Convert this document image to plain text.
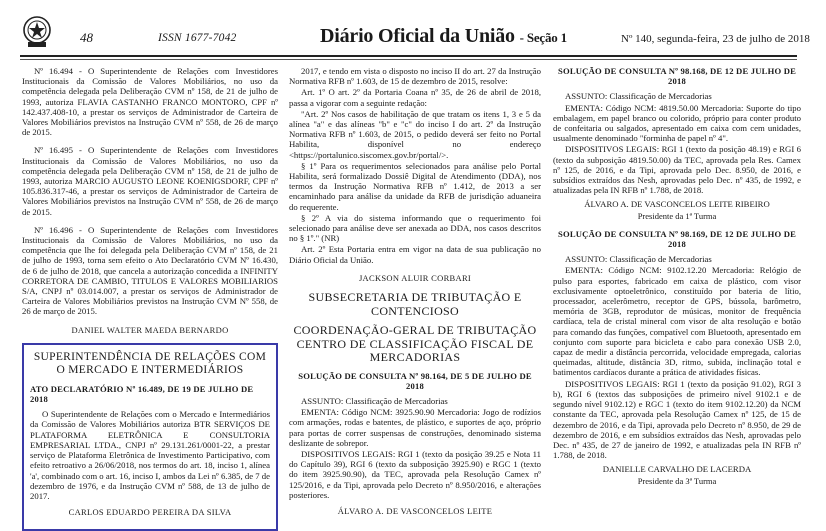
48	ISSN 1677-7042	Diário Oficial da União - Seção 1	Nº 140, segunda-feira, 23 de julho de 2018

Nº 16.494 - O Superintendente de Relações com Investidores Institucionais da Comissão de Valores Mobiliários, no uso da competência delegada pela Deliberação CVM nº 158, de 21 de julho de 1993, autoriza FLAVIA CASTANHO FRANCO MONTORO, CPF nº 142.437.408-10, a prestar os serviços de Administrador de Carteira de Valores Mobiliários previstos na Instrução CVM nº 558, de 26 de março de 2015.

Nº 16.495 - O Superintendente de Relações com Investidores Institucionais da Comissão de Valores Mobiliários, no uso da competência delegada pela Deliberação CVM nº 158, de 21 de julho de 1993, autoriza MARCIO AUGUSTO LEONE KOENIGSDORF, CPF nº 105.836.317-46, a prestar os serviços de Administrador de Carteira de Valores Mobiliários previstos na Instrução CVM nº 558, de 26 de março de 2015.

Nº 16.496 - O Superintendente de Relações com Investidores Institucionais da Comissão de Valores Mobiliários, no uso da competência que lhe foi delegada pela Deliberação CVM nº 158, de 21 de julho de 1993, torna sem efeito o Ato Declaratório CVM Nº 16.430, de 6 de julho de 2018, que cancela a autorização concedida a INFINITY CORRETORA DE CAMBIO, TITULOS E VALORES MOBILIARIOS S/A, CNPJ nº 03.014.007, a prestar os serviços de Administrador de Carteira de Valores Mobiliários previstos na Instrução CVM Nº 558, de 26 de março de 2015.

DANIEL WALTER MAEDA BERNARDO

SUPERINTENDÊNCIA DE RELAÇÕES COM O MERCADO E INTERMEDIÁRIOS

ATO DECLARATÓRIO Nº 16.489, DE 19 DE JULHO DE 2018

O Superintendente de Relações com o Mercado e Intermediários da Comissão de Valores Mobiliários autoriza BTR SERVIÇOS DE PLATAFORMA ELETRÔNICA E CONSULTORIA EMPRESARIAL LTDA., CNPJ nº 29.131.261/0001-22, a prestar serviço de Plataforma Eletrônica de Investimento Participativo, com efeito retroativo a 26/06/2018, nos termos do art. 18, inciso 1, alínea 'a', combinado com o art. 16, inciso I, ambos da Lei nº 6.385, de 7 de dezembro de 1976, e da Instrução CVM nº 588, de 13 de julho de 2017.

CARLOS EDUARDO PEREIRA DA SILVA

2017, e tendo em vista o disposto no inciso II do art. 27 da Instrução Normativa RFB nº 1.603, de 15 de dezembro de 2015, resolve:

Art. 1º O art. 2º da Portaria Coana nº 35, de 26 de abril de 2018, passa a vigorar com a seguinte redação:

"Art. 2º Nos casos de habilitação de que tratam os itens 1, 3 e 5 da alínea "a" e das alíneas "b" e "c" do inciso I do art. 2º da Instrução Normativa RFB nº 1.603, de 2015, o pedido deverá ser feito no Portal Habilita, disponível no endereço <https://portalunico.siscomex.gov.br/portal/>.

§ 1º Para os requerimentos selecionados para análise pelo Portal Habilita, será formalizado Dossiê Digital de Atendimento (DDA), nos termos da Instrução Normativa RFB nº 1.412, de 2013 a ser encaminhado para análise da unidade da RFB de jurisdição aduaneira do requerente.

§ 2º A via do sistema informando que o requerimento foi selecionado para análise deve ser anexada ao DDA, nos casos descritos no § 1º." (NR)

Art. 2º Esta Portaria entra em vigor na data de sua publicação no Diário Oficial da União.

JACKSON ALUIR CORBARI

SUBSECRETARIA DE TRIBUTAÇÃO E CONTENCIOSO

COORDENAÇÃO-GERAL DE TRIBUTAÇÃO CENTRO DE CLASSIFICAÇÃO FISCAL DE MERCADORIAS

SOLUÇÃO DE CONSULTA Nº 98.164, DE 5 DE JULHO DE 2018

ASSUNTO: Classificação de Mercadorias

EMENTA: Código NCM: 3925.90.90 Mercadoria: Jogo de rodízios com armações, rodas e batentes, de plástico, e suportes de aço, próprio para portas de correr suspensas de construções, denominado sistema deslizante de sobrepor.

DISPOSITIVOS LEGAIS: RGI 1 (texto da posição 39.25 e Nota 11 do Capítulo 39), RGI 6 (texto da subposição 3925.90) e RGC 1 (texto do item 3925.90.90), da TEC, aprovada pela Resolução Camex nº 125/2016, e da Tipi, aprovada pelo Decreto nº 8.950/2016, e alterações posteriores.

ÁLVARO A. DE VASCONCELOS LEITE

SOLUÇÃO DE CONSULTA Nº 98.168, DE 12 DE JULHO DE 2018

ASSUNTO: Classificação de Mercadorias

EMENTA: Código NCM: 4819.50.00 Mercadoria: Suporte do tipo embalagem, em papel branco ou colorido, próprio para conter produto de confeitaria ou salgados, apresentado em caixa com cem unidades, usualmente denominado "forminha de papel nº 4".

DISPOSITIVOS LEGAIS: RGI 1 (texto da posição 48.19) e RGI 6 (texto da subposição 4819.50.00) da TEC, aprovada pela Res. Camex nº 125, de 2016, e da Tipi, aprovada pelo Dec. 8.950, de 2016, e subsídios extraídos das Nesh, aprovadas pelo Dec. nº 435, de 1992, e atualizadas pela IN RFB nº 1.788, de 2018.

ÁLVARO A. DE VASCONCELOS LEITE RIBEIRO

Presidente da 1ª Turma

SOLUÇÃO DE CONSULTA Nº 98.169, DE 12 DE JULHO DE 2018

ASSUNTO: Classificação de Mercadorias

EMENTA: Código NCM: 9102.12.20 Mercadoria: Relógio de pulso para esportes, fabricado em caixa de plástico, com visor exclusivamente optoeletrônico, constituído por bateria de lítio, processador, acelerômetro, receptor de GPS, bússola, barômetro, memória de 3GB, reprodutor de músicas, monitor de frequência cardíaca, tela de cristal mineral com visor de alta resolução e botão para comando das funções, compatível com Bluetooth, apresentado em conjunto com suporte para bicicleta e cabo para conexão USB 2.0, capaz de medir a distância percorrida, velocidade empregada, calorias queimadas, altitude, distância 3D, ritmo, subida, inclinação total e batimentos cardíacos durante a prática de atividades físicas.

DISPOSITIVOS LEGAIS: RGI 1 (texto da posição 91.02), RGI 3 b), RGI 6 (textos das subposições de primeiro nível 9102.1 e de segundo nível 9102.12) e RGC 1 (texto do item 9102.12.20) da NCM constante da TEC, aprovada pela Resolução Camex nº 125, de 15 de dezembro de 2016, e da Tipi, aprovada pelo Decreto nº 8.950, de 29 de dezembro de 2016, e em subsídios extraídos das Nesh, aprovadas pelo Dec. nº 435, de 27 de janeiro de 1992, e atualizadas pela IN RFB nº 1.788, de 2018.

DANIELLE CARVALHO DE LACERDA

Presidente da 3ª Turma
